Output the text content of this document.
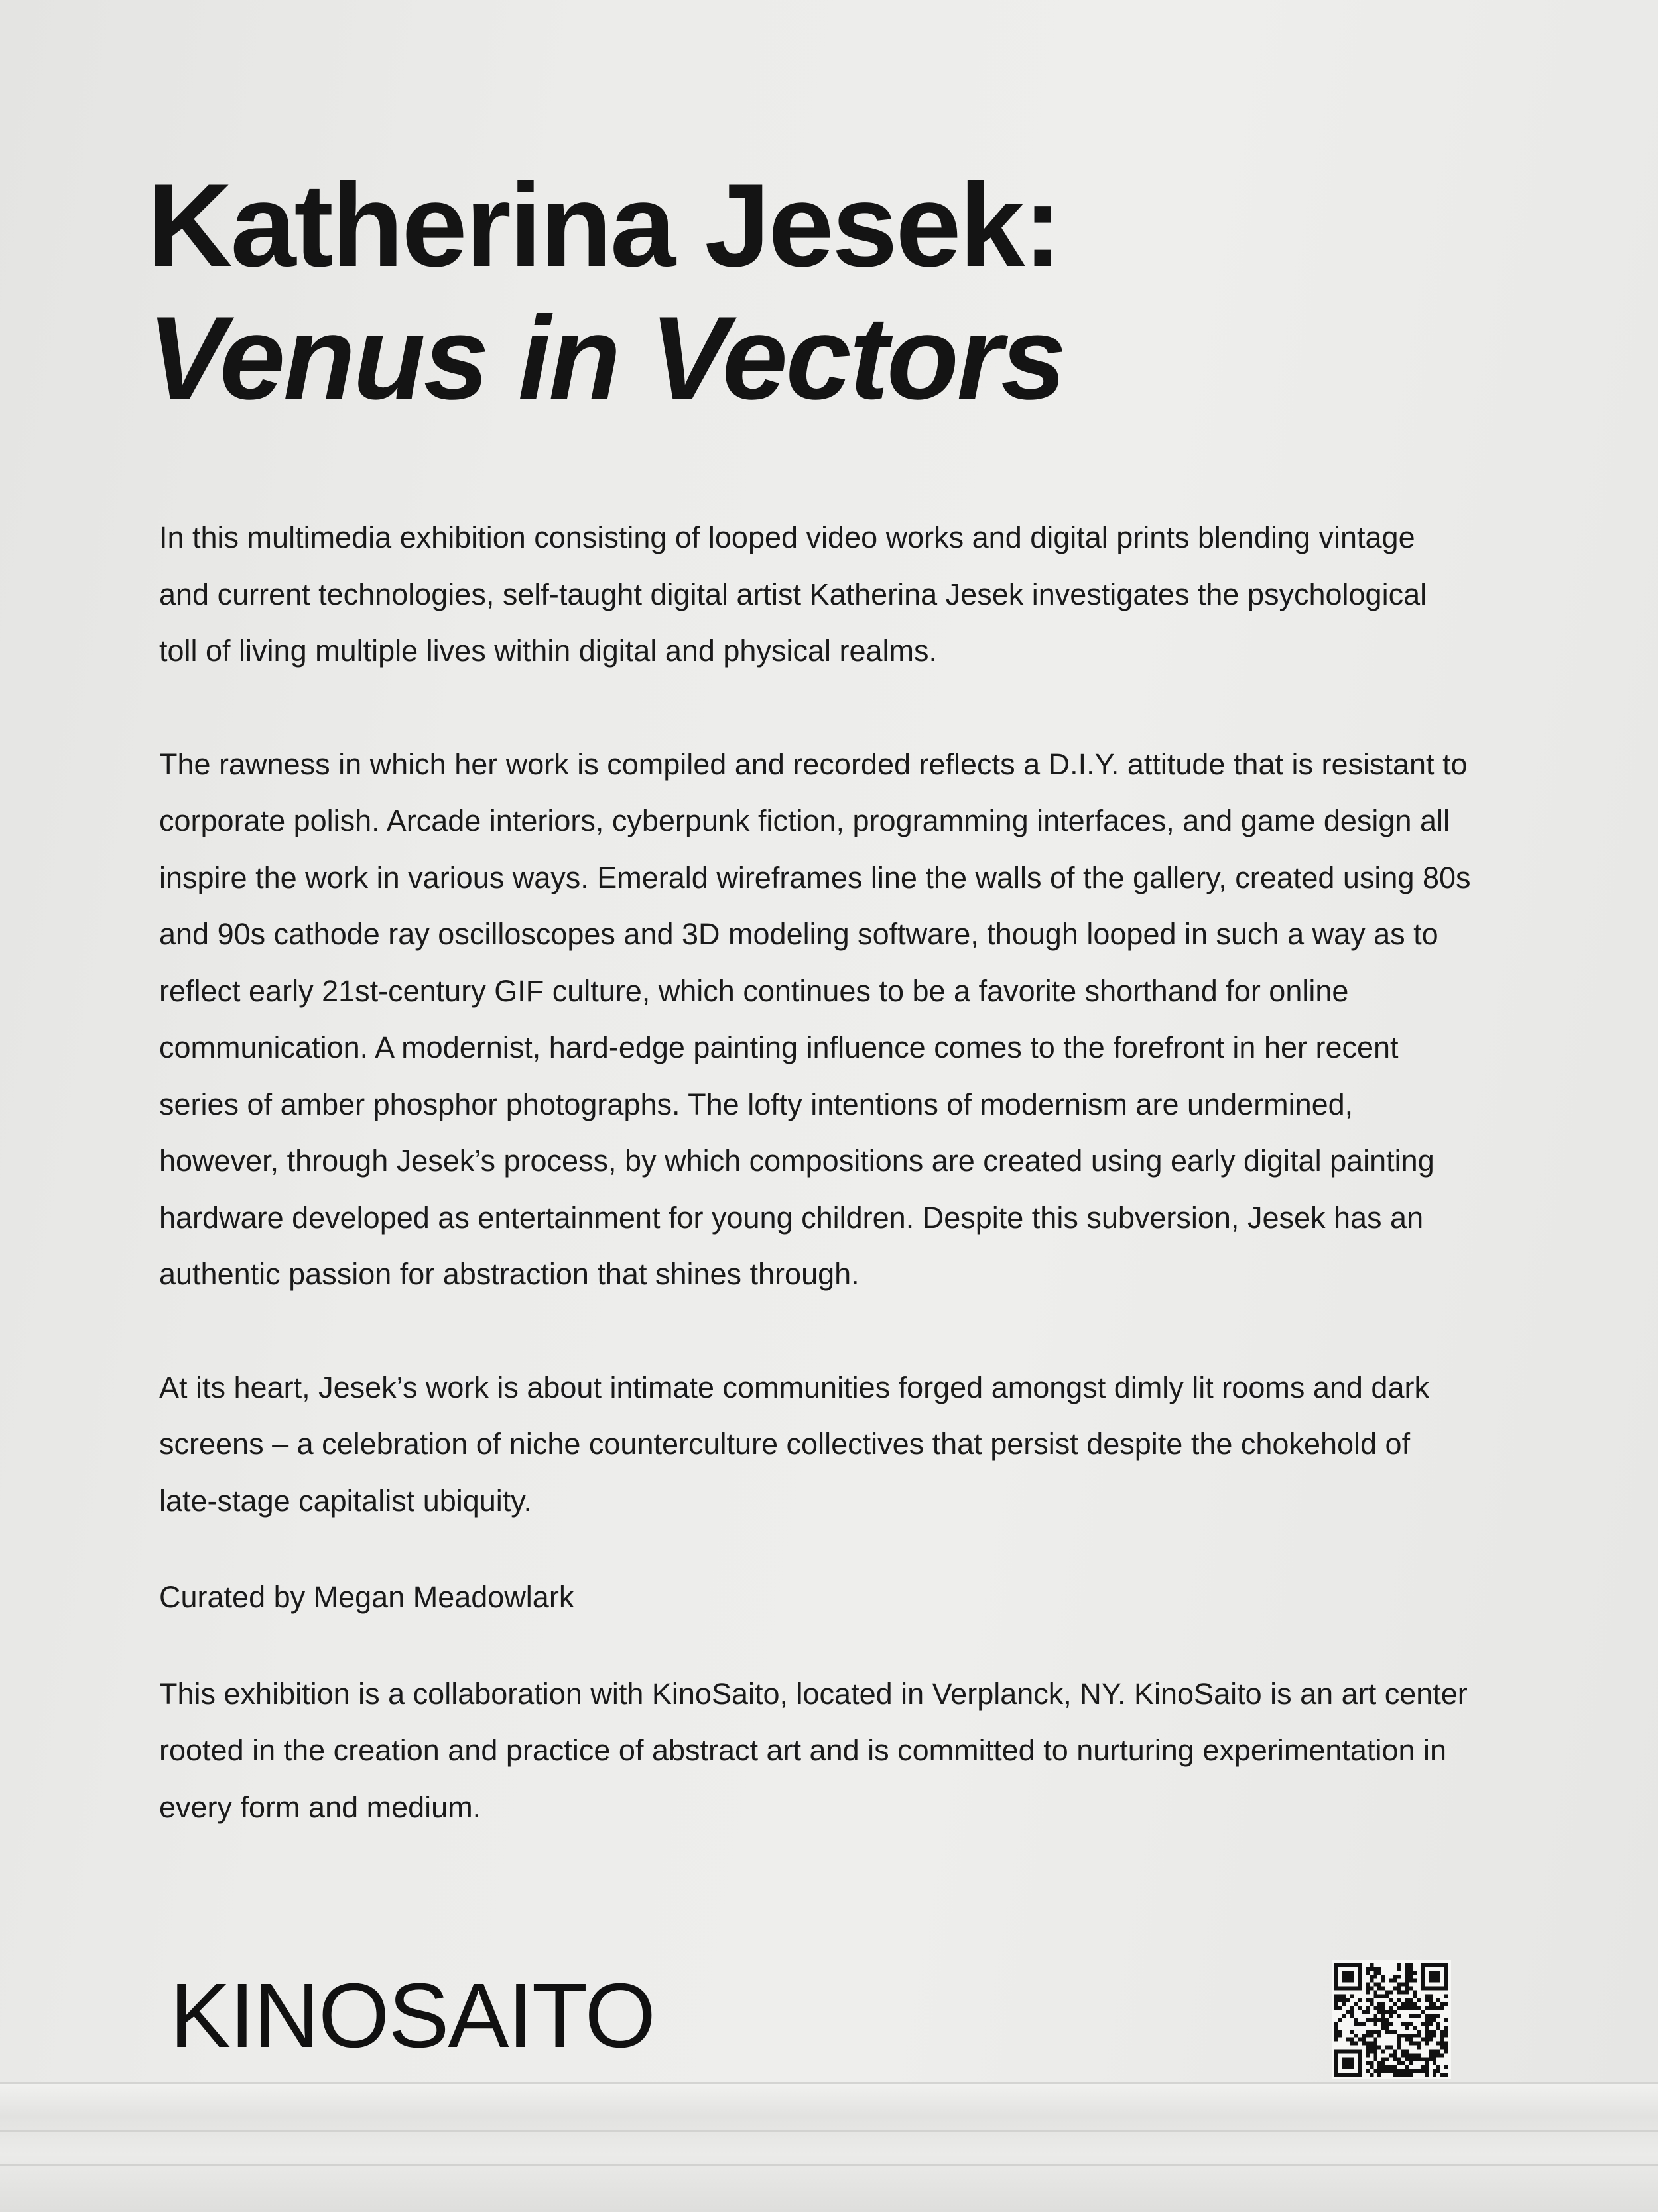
Katherina Jesek:
Venus in Vectors

In this multimedia exhibition consisting of looped video works and digital prints blending vintage and current technologies, self-taught digital artist Katherina Jesek investigates the psychological toll of living multiple lives within digital and physical realms.

The rawness in which her work is compiled and recorded reflects a D.I.Y. attitude that is resistant to corporate polish. Arcade interiors, cyberpunk fiction, programming interfaces, and game design all inspire the work in various ways. Emerald wireframes line the walls of the gallery, created using 80s and 90s cathode ray oscilloscopes and 3D modeling software, though looped in such a way as to reflect early 21st-century GIF culture, which continues to be a favorite shorthand for online communication. A modernist, hard-edge painting influence comes to the forefront in her recent series of amber phosphor photographs. The lofty intentions of modernism are undermined, however, through Jesek’s process, by which compositions are created using early digital painting hardware developed as entertainment for young children. Despite this subversion, Jesek has an authentic passion for abstraction that shines through.

At its heart, Jesek’s work is about intimate communities forged amongst dimly lit rooms and dark screens – a celebration of niche counterculture collectives that persist despite the chokehold of late-stage capitalist ubiquity.

Curated by Megan Meadowlark

This exhibition is a collaboration with KinoSaito, located in Verplanck, NY. KinoSaito is an art center rooted in the creation and practice of abstract art and is committed to nurturing experimentation in every form and medium.

KINOSAITO
